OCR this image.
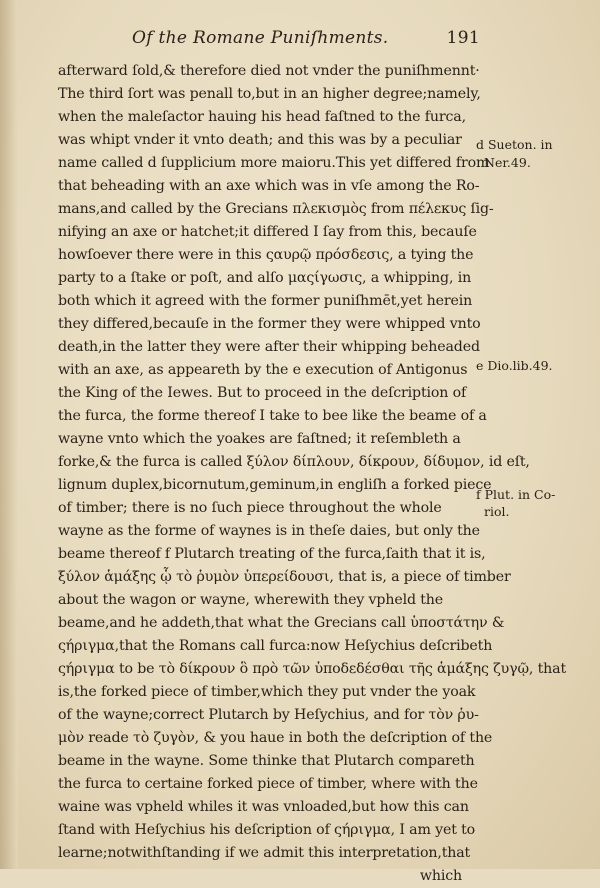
Of the Romane Puniſhments.	191
afterward ſold,& therefore died not vnder the puniſhmennt·
The third ſort was penall to,but in an higher degree;namely,
when the maleſactor hauing his head faſtned to the furca,
was whipt vnder it vnto death; and this was by a peculiar
name called d ſupplicium more maioru.This yet differed from
that beheading with an axe which was in vſe among the Ro-
mans,and called by the Grecians πλεκισμὸς from πέλεκυς ſig-
nifying an axe or hatchet;it differed I ſay from this, becauſe
howſoever there were in this ςαυρῷ πρόσδεσις, a tying the
party to a ſtake or poſt, and alſo μαςίγωσις, a whipping, in
both which it agreed with the former puniſhmēt,yet herein
they differed,becauſe in the former they were whipped vnto
death,in the latter they were after their whipping beheaded
with an axe, as appeareth by the e execution of Antigonus
the King of the Iewes. But to proceed in the deſcription of
the furca, the forme thereof I take to bee like the beame of a
wayne vnto which the yoakes are faſtned; it reſembleth a
forke,& the furca is called ξύλον δίπλουν, δίκρουν, δίδυμον, id eſt,
lignum duplex,bicornutum,geminum,in engliſh a forked piece
of timber; there is no ſuch piece throughout the whole
wayne as the forme of waynes is in theſe daies, but only the
beame thereof f Plutarch treating of the furca,ſaith that it is,
ξύλον ἁμάξης ᾧ τὸ ῥυμὸν ὑπερείδουσι, that is, a piece of timber
about the wagon or wayne, wherewith they vpheld the
beame,and he addeth,that what the Grecians call ὑποστάτην &
ςήριγμα,that the Romans call furca:now Heſychius deſcribeth
ςήριγμα to be τὸ δίκρουν ὃ πρὸ τῶν ὑποδεδέσθαι τῆς ἁμάξης ζυγῷ, that
is,the forked piece of timber,which they put vnder the yoak
of the wayne;correct Plutarch by Heſychius, and for τὸν ῥυ-
μὸν reade τὸ ζυγὸν, & you haue in both the deſcription of the
beame in the wayne. Some thinke that Plutarch compareth
the furca to certaine forked piece of timber, where with the
waine was vpheld whiles it was vnloaded,but how this can
ſtand with Heſychius his deſcription of ςήριγμα, I am yet to
learne;notwithſtanding if we admit this interpretation,that
which
d Sueton. in
Ner.49.
e Dio.lib.49.
f Plut. in Co-
riol.
